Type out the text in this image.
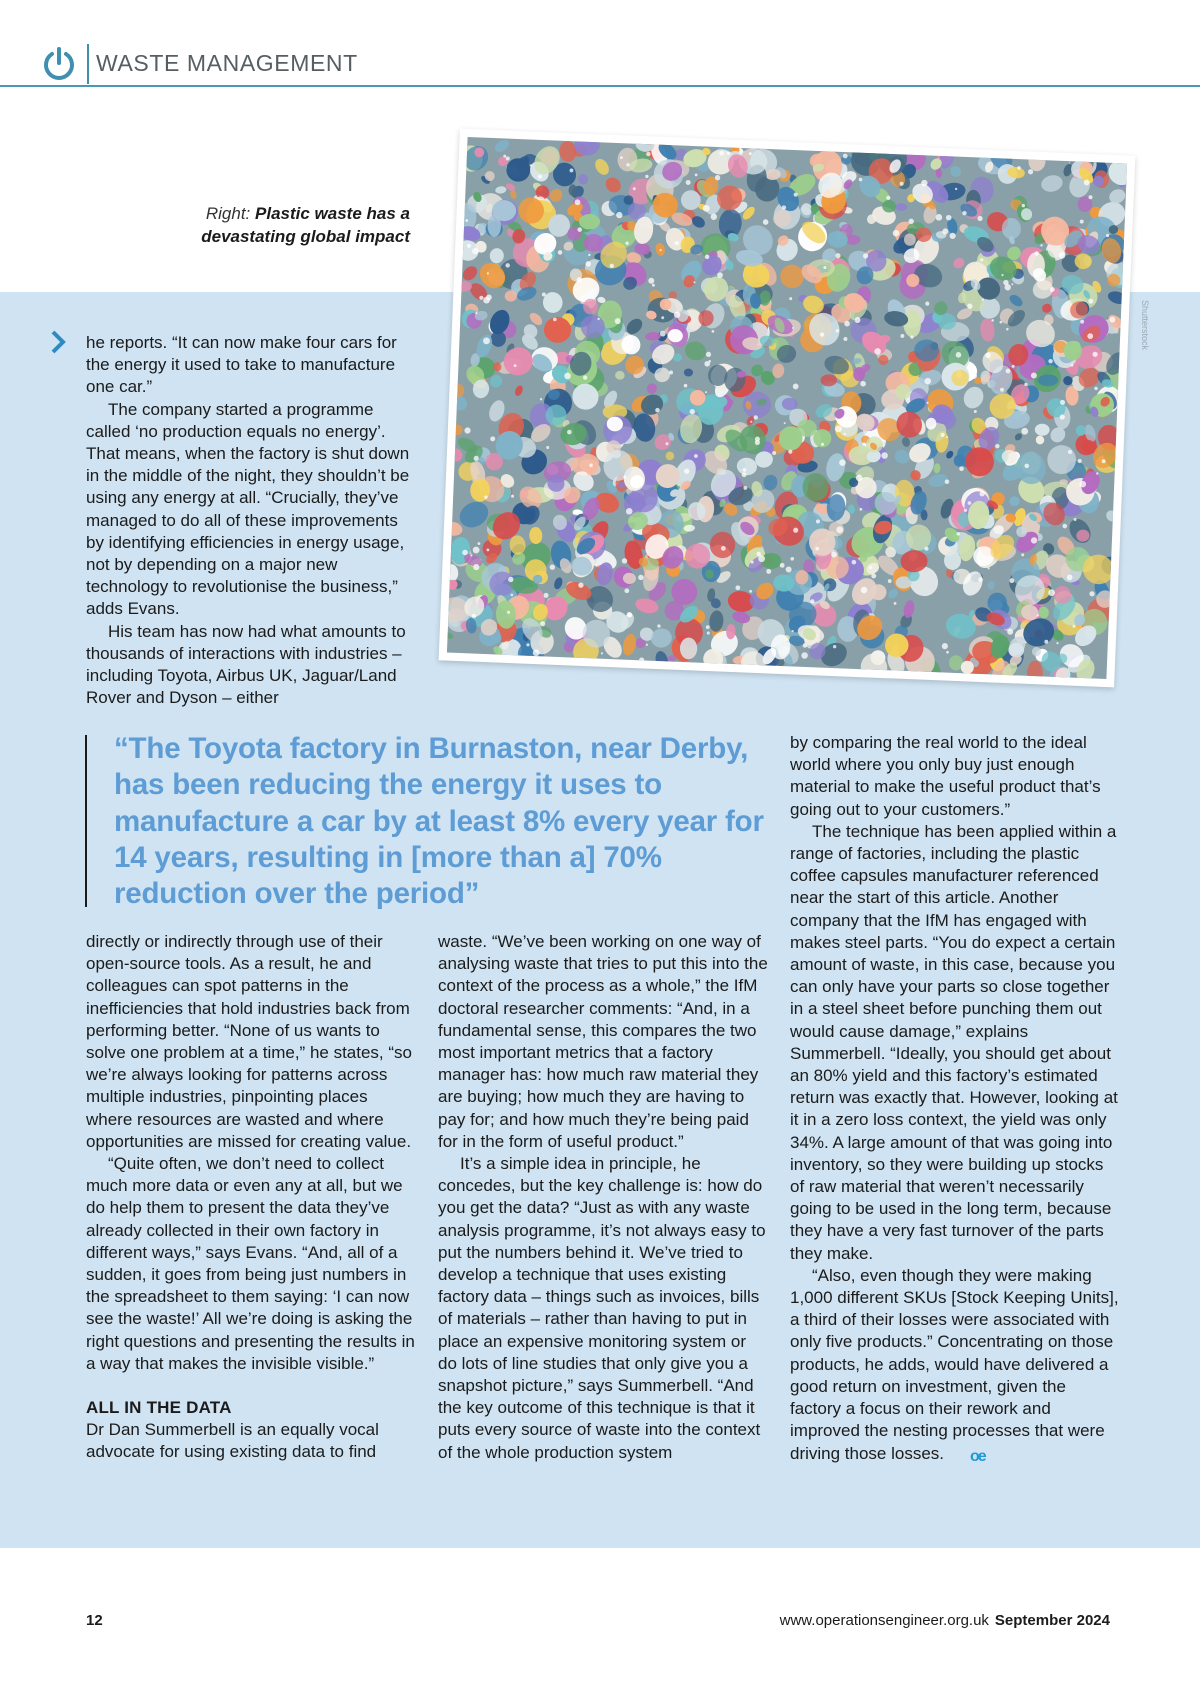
WASTE MANAGEMENT
Right: Plastic waste has a devastating global impact
Shutterstock

he reports. “It can now make four cars for the energy it used to take to manufacture one car.”

The company started a programme called ‘no production equals no energy’. That means, when the factory is shut down in the middle of the night, they shouldn’t be using any energy at all. “Crucially, they’ve managed to do all of these improvements by identifying efficiencies in energy usage, not by depending on a major new technology to revolutionise the business,” adds Evans.

His team has now had what amounts to thousands of interactions with industries – including Toyota, Airbus UK, Jaguar/Land Rover and Dyson – either

“The Toyota factory in Burnaston, near Derby, has been reducing the energy it uses to manufacture a car by at least 8% every year for 14 years, resulting in [more than a] 70% reduction over the period”

directly or indirectly through use of their open-source tools. As a result, he and colleagues can spot patterns in the inefficiencies that hold industries back from performing better. “None of us wants to solve one problem at a time,” he states, “so we’re always looking for patterns across multiple industries, pinpointing places where resources are wasted and where opportunities are missed for creating value.

“Quite often, we don’t need to collect much more data or even any at all, but we do help them to present the data they’ve already collected in their own factory in different ways,” says Evans. “And, all of a sudden, it goes from being just numbers in the spreadsheet to them saying: ‘I can now see the waste!’ All we’re doing is asking the right questions and presenting the results in a way that makes the invisible visible.”

ALL IN THE DATA

Dr Dan Summerbell is an equally vocal advocate for using existing data to find

waste. “We’ve been working on one way of analysing waste that tries to put this into the context of the process as a whole,” the IfM doctoral researcher comments: “And, in a fundamental sense, this compares the two most important metrics that a factory manager has: how much raw material they are buying; how much they are having to pay for; and how much they’re being paid for in the form of useful product.”

It’s a simple idea in principle, he concedes, but the key challenge is: how do you get the data? “Just as with any waste analysis programme, it’s not always easy to put the numbers behind it. We’ve tried to develop a technique that uses existing factory data – things such as invoices, bills of materials – rather than having to put in place an expensive monitoring system or do lots of line studies that only give you a snapshot picture,” says Summerbell. “And the key outcome of this technique is that it puts every source of waste into the context of the whole production system

by comparing the real world to the ideal world where you only buy just enough material to make the useful product that’s going out to your customers.”

The technique has been applied within a range of factories, including the plastic coffee capsules manufacturer referenced near the start of this article. Another company that the IfM has engaged with makes steel parts. “You do expect a certain amount of waste, in this case, because you can only have your parts so close together in a steel sheet before punching them out would cause damage,” explains Summerbell. “Ideally, you should get about an 80% yield and this factory’s estimated return was exactly that. However, looking at it in a zero loss context, the yield was only 34%. A large amount of that was going into inventory, so they were building up stocks of raw material that weren’t necessarily going to be used in the long term, because they have a very fast turnover of the parts they make.

“Also, even though they were making 1,000 different SKUs [Stock Keeping Units], a third of their losses were associated with only five products.” Concentrating on those products, he adds, would have delivered a good return on investment, given the factory a focus on their rework and improved the nesting processes that were driving those losses. oe

12	www.operationsengineer.org.uk September 2024
